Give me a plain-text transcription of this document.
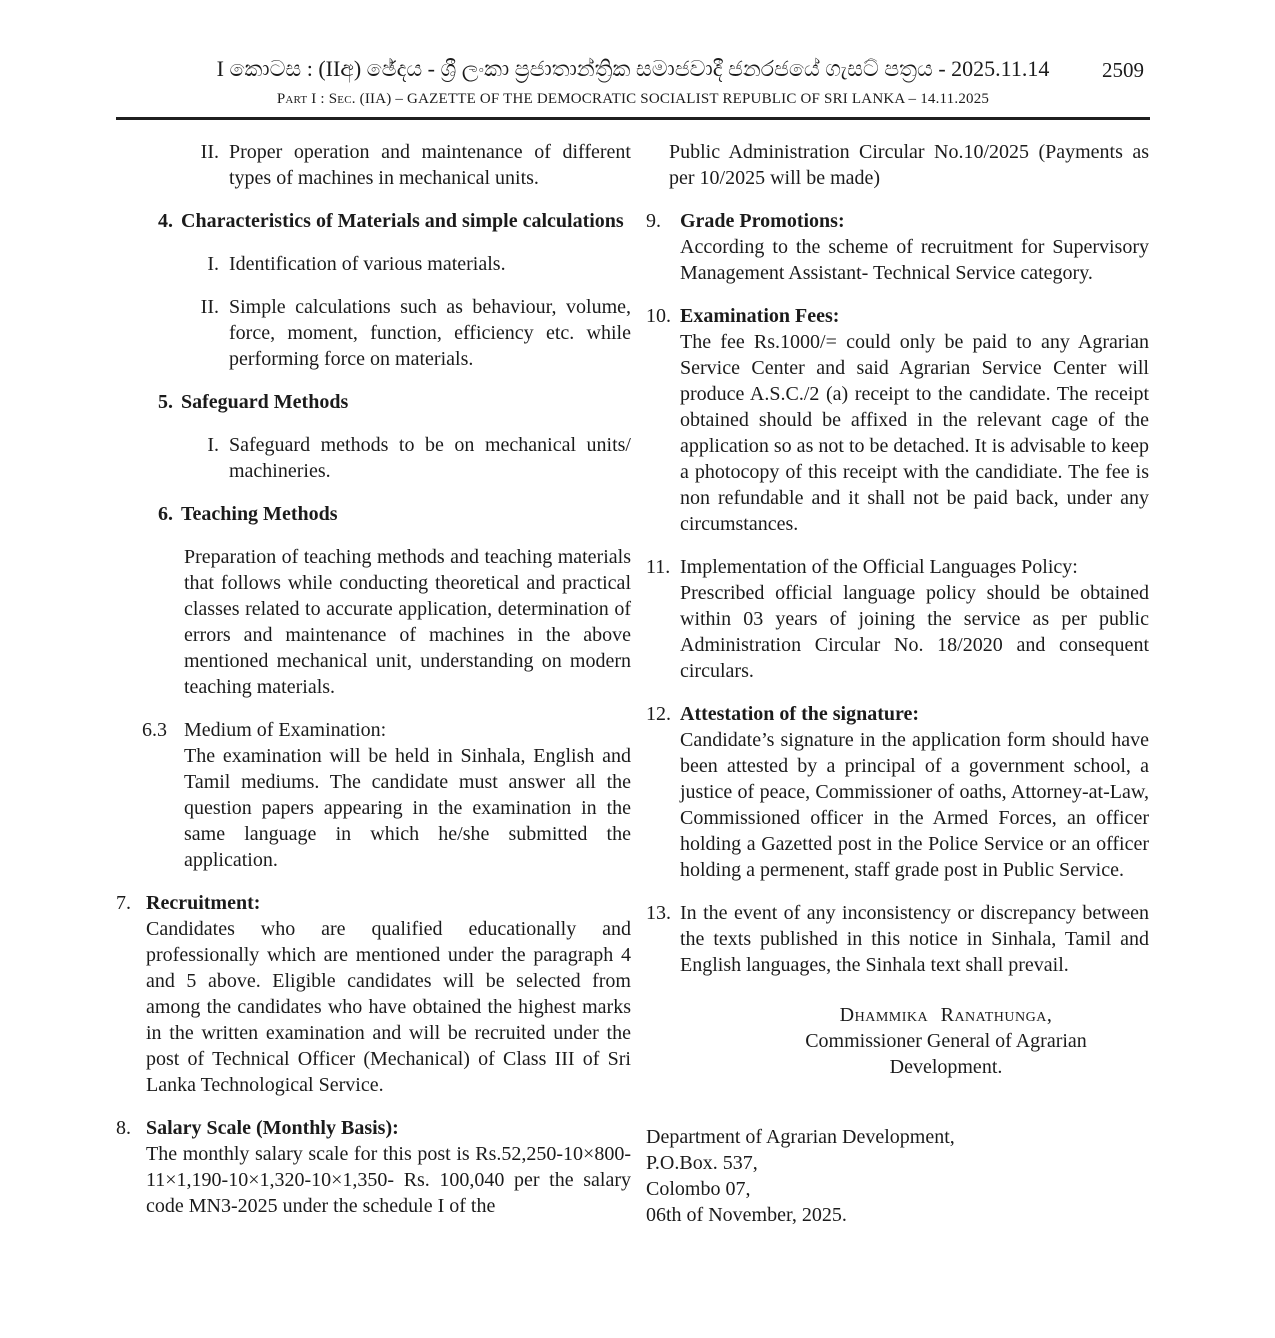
I කොටස : (IIඅ) ඡේදය - ශ්‍රී ලංකා ප්‍රජාතාන්ත්‍රික සමාජවාදී ජනරජයේ ගැසට් පත්‍රය - 2025.11.14	2509
Part I : Sec. (IIA) – GAZETTE OF THE DEMOCRATIC SOCIALIST REPUBLIC OF SRI LANKA – 14.11.2025
II. Proper operation and maintenance of different types of machines in mechanical units.
4. Characteristics of Materials and simple calculations
I. Identification of various materials.
II. Simple calculations such as behaviour, volume, force, moment, function, efficiency etc. while performing force on materials.
5. Safeguard Methods
I. Safeguard methods to be on mechanical units/ machineries.
6. Teaching Methods
Preparation of teaching methods and teaching materials that follows while conducting theoretical and practical classes related to accurate application, determination of errors and maintenance of machines in the above mentioned mechanical unit, understanding on modern teaching materials.
6.3 Medium of Examination:
The examination will be held in Sinhala, English and Tamil mediums. The candidate must answer all the question papers appearing in the examination in the same language in which he/she submitted the application.
7. Recruitment:
Candidates who are qualified educationally and professionally which are mentioned under the paragraph 4 and 5 above. Eligible candidates will be selected from among the candidates who have obtained the highest marks in the written examination and will be recruited under the post of Technical Officer (Mechanical) of Class III of Sri Lanka Technological Service.
8. Salary Scale (Monthly Basis):
The monthly salary scale for this post is Rs.52,250-10×800-11×1,190-10×1,320-10×1,350- Rs. 100,040 per the salary code MN3-2025 under the schedule I of the
Public Administration Circular No.10/2025 (Payments as per 10/2025 will be made)
9. Grade Promotions:
According to the scheme of recruitment for Supervisory Management Assistant- Technical Service category.
10. Examination Fees:
The fee Rs.1000/= could only be paid to any Agrarian Service Center and said Agrarian Service Center will produce A.S.C./2 (a) receipt to the candidate. The receipt obtained should be affixed in the relevant cage of the application so as not to be detached. It is advisable to keep a photocopy of this receipt with the candidiate. The fee is non refundable and it shall not be paid back, under any circumstances.
11. Implementation of the Official Languages Policy:
Prescribed official language policy should be obtained within 03 years of joining the service as per public Administration Circular No. 18/2020 and consequent circulars.
12. Attestation of the signature:
Candidate’s signature in the application form should have been attested by a principal of a government school, a justice of peace, Commissioner of oaths, Attorney-at-Law, Commissioned officer in the Armed Forces, an officer holding a Gazetted post in the Police Service or an officer holding a permenent, staff grade post in Public Service.
13. In the event of any inconsistency or discrepancy between the texts published in this notice in Sinhala, Tamil and English languages, the Sinhala text shall prevail.
Dhammika Ranathunga,
Commissioner General of Agrarian Development.
Department of Agrarian Development,
P.O.Box. 537,
Colombo 07,
06th of November, 2025.
